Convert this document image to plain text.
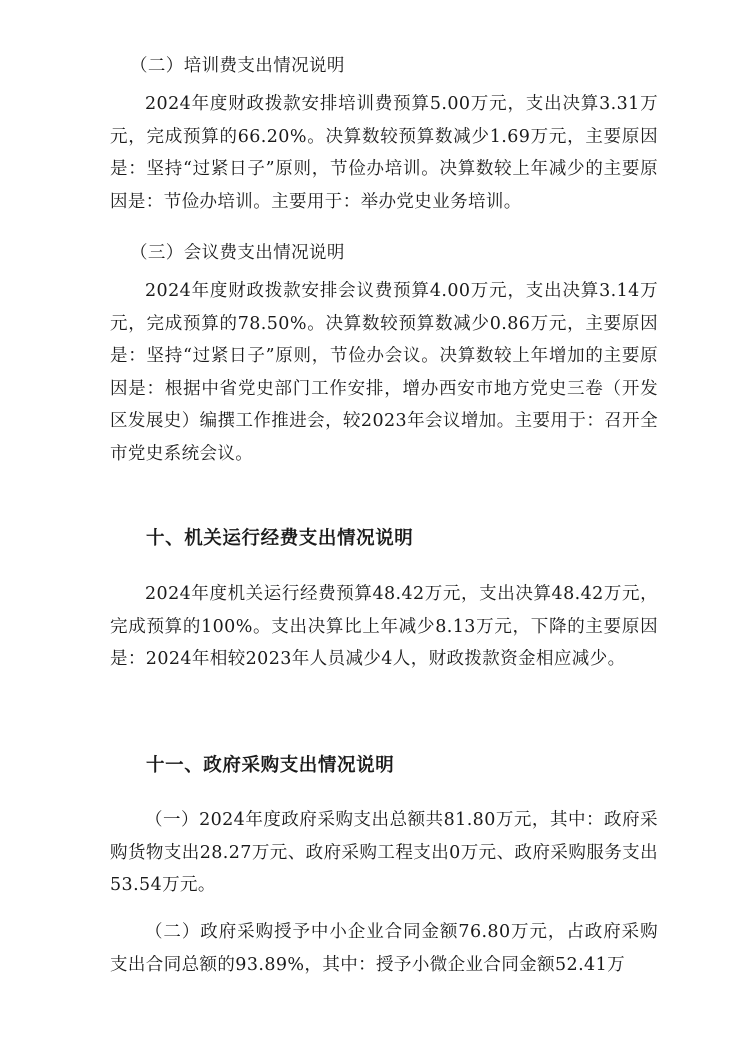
（二）培训费支出情况说明

2024年度财政拨款安排培训费预算5.00万元，支出决算3.31万元，完成预算的66.20%。决算数较预算数减少1.69万元，主要原因是：坚持“过紧日子”原则，节俭办培训。决算数较上年减少的主要原因是：节俭办培训。主要用于：举办党史业务培训。

（三）会议费支出情况说明

2024年度财政拨款安排会议费预算4.00万元，支出决算3.14万元，完成预算的78.50%。决算数较预算数减少0.86万元，主要原因是：坚持“过紧日子”原则，节俭办会议。决算数较上年增加的主要原因是：根据中省党史部门工作安排，增办西安市地方党史三卷（开发区发展史）编撰工作推进会，较2023年会议增加。主要用于：召开全市党史系统会议。

十、机关运行经费支出情况说明

2024年度机关运行经费预算48.42万元，支出决算48.42万元，完成预算的100%。支出决算比上年减少8.13万元，下降的主要原因是：2024年相较2023年人员减少4人，财政拨款资金相应减少。

十一、政府采购支出情况说明

（一）2024年度政府采购支出总额共81.80万元，其中：政府采购货物支出28.27万元、政府采购工程支出0万元、政府采购服务支出53.54万元。

（二）政府采购授予中小企业合同金额76.80万元，占政府采购支出合同总额的93.89%，其中：授予小微企业合同金额52.41万
